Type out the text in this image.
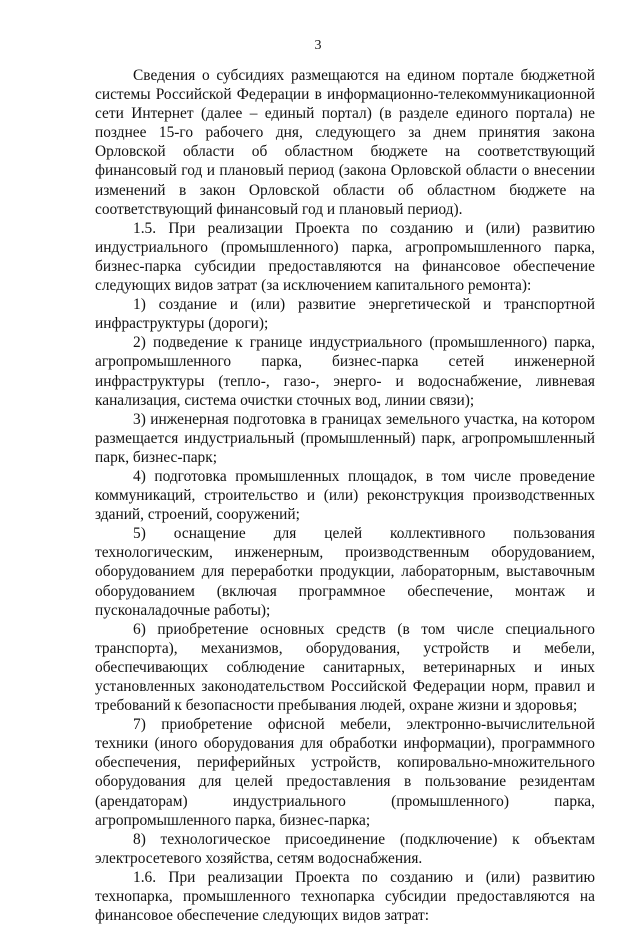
3

Сведения о субсидиях размещаются на едином портале бюджетной системы Российской Федерации в информационно-телекоммуникационной сети Интернет (далее – единый портал) (в разделе единого портала) не позднее 15-го рабочего дня, следующего за днем принятия закона Орловской области об областном бюджете на соответствующий финансовый год и плановый период (закона Орловской области о внесении изменений в закон Орловской области об областном бюджете на соответствующий финансовый год и плановый период).

1.5. При реализации Проекта по созданию и (или) развитию индустриального (промышленного) парка, агропромышленного парка, бизнес-парка субсидии предоставляются на финансовое обеспечение следующих видов затрат (за исключением капитального ремонта):

1) создание и (или) развитие энергетической и транспортной инфраструктуры (дороги);

2) подведение к границе индустриального (промышленного) парка, агропромышленного парка, бизнес-парка сетей инженерной инфраструктуры (тепло-, газо-, энерго- и водоснабжение, ливневая канализация, система очистки сточных вод, линии связи);

3) инженерная подготовка в границах земельного участка, на котором размещается индустриальный (промышленный) парк, агропромышленный парк, бизнес-парк;

4) подготовка промышленных площадок, в том числе проведение коммуникаций, строительство и (или) реконструкция производственных зданий, строений, сооружений;

5) оснащение для целей коллективного пользования технологическим, инженерным, производственным оборудованием, оборудованием для переработки продукции, лабораторным, выставочным оборудованием (включая программное обеспечение, монтаж и пусконаладочные работы);

6) приобретение основных средств (в том числе специального транспорта), механизмов, оборудования, устройств и мебели, обеспечивающих соблюдение санитарных, ветеринарных и иных установленных законодательством Российской Федерации норм, правил и требований к безопасности пребывания людей, охране жизни и здоровья;

7) приобретение офисной мебели, электронно-вычислительной техники (иного оборудования для обработки информации), программного обеспечения, периферийных устройств, копировально-множительного оборудования для целей предоставления в пользование резидентам (арендаторам) индустриального (промышленного) парка, агропромышленного парка, бизнес-парка;

8) технологическое присоединение (подключение) к объектам электросетевого хозяйства, сетям водоснабжения.

1.6. При реализации Проекта по созданию и (или) развитию технопарка, промышленного технопарка субсидии предоставляются на финансовое обеспечение следующих видов затрат:
